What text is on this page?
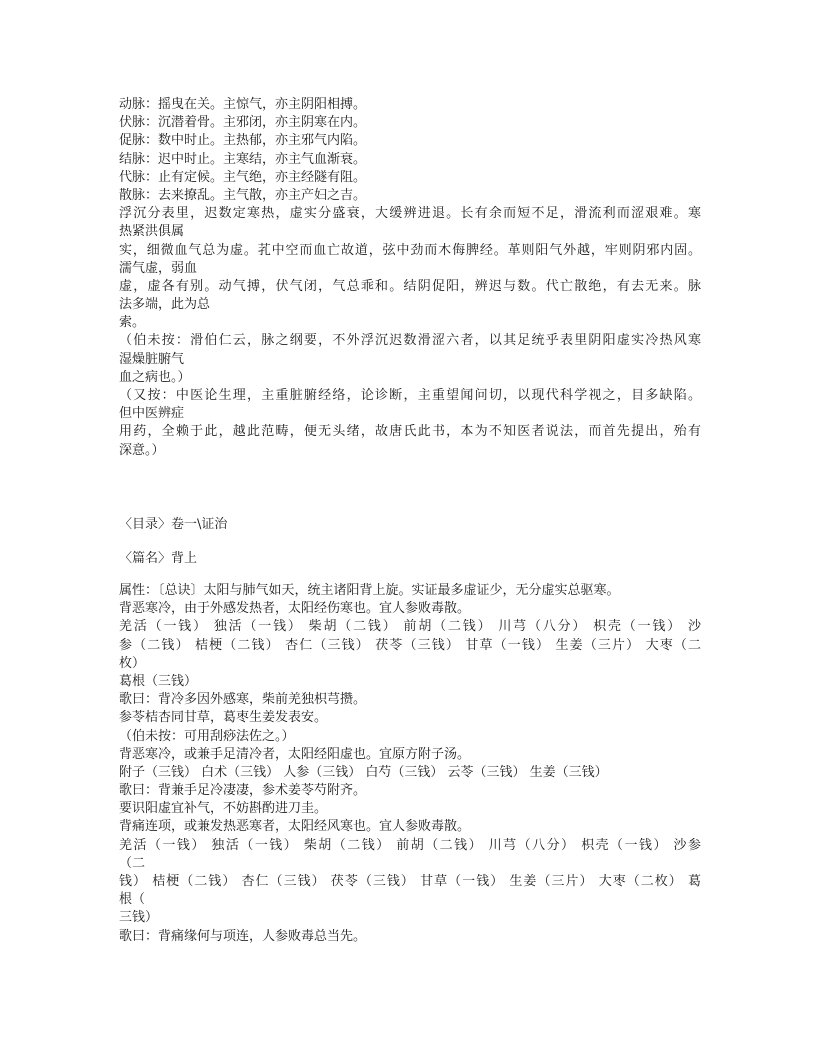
动脉：摇曳在关。主惊气，亦主阴阳相搏。
伏脉：沉潜着骨。主邪闭，亦主阴寒在内。
促脉：数中时止。主热郁，亦主邪气内陷。
结脉：迟中时止。主寒结，亦主气血渐衰。
代脉：止有定候。主气绝，亦主经隧有阻。
散脉：去来撩乱。主气散，亦主产妇之吉。
浮沉分表里，迟数定寒热，虚实分盛衰，大缓辨进退。长有余而短不足，滑流利而涩艰难。寒
热紧洪俱属
实，细微血气总为虚。芤中空而血亡故道，弦中劲而木侮脾经。革则阳气外越，牢则阴邪内固。
濡气虚，弱血
虚，虚各有别。动气搏，伏气闭，气总乖和。结阴促阳，辨迟与数。代亡散绝，有去无来。脉
法多端，此为总
索。
（伯未按：滑伯仁云，脉之纲要，不外浮沉迟数滑涩六者，以其足统乎表里阴阳虚实冷热风寒
湿燥脏腑气
血之病也。）
（又按：中医论生理，主重脏腑经络，论诊断，主重望闻问切，以现代科学视之，目多缺陷。
但中医辨症
用药，全赖于此，越此范畴，便无头绪，故唐氏此书，本为不知医者说法，而首先提出，殆有
深意。）
〈目录〉卷一\证治
〈篇名〉背上
属性：〔总诀〕太阳与肺气如天，统主诸阳背上旋。实证最多虚证少，无分虚实总驱寒。
背恶寒冷，由于外感发热者，太阳经伤寒也。宜人参败毒散。
羌活（一钱） 独活（一钱） 柴胡（二钱） 前胡（二钱） 川芎（八分） 枳壳（一钱） 沙
参（二钱） 桔梗（二钱） 杏仁（三钱） 茯苓（三钱） 甘草（一钱） 生姜（三片） 大枣（二
枚）
葛根（三钱）
歌曰：背冷多因外感寒，柴前羌独枳芎攒。
参苓桔杏同甘草，葛枣生姜发表安。
（伯未按：可用刮痧法佐之。）
背恶寒冷，或兼手足清冷者，太阳经阳虚也。宜原方附子汤。
附子（三钱） 白术（三钱） 人参（三钱） 白芍（三钱） 云苓（三钱） 生姜（三钱）
歌曰：背兼手足冷凄凄，参术姜苓芍附齐。
要识阳虚宜补气，不妨斟酌进刀圭。
背痛连项，或兼发热恶寒者，太阳经风寒也。宜人参败毒散。
羌活（一钱） 独活（一钱） 柴胡（二钱） 前胡（二钱） 川芎（八分） 枳壳（一钱） 沙参
（二
钱） 桔梗（二钱） 杏仁（三钱） 茯苓（三钱） 甘草（一钱） 生姜（三片） 大枣（二枚） 葛
根（
三钱）
歌曰：背痛缘何与项连，人参败毒总当先。
